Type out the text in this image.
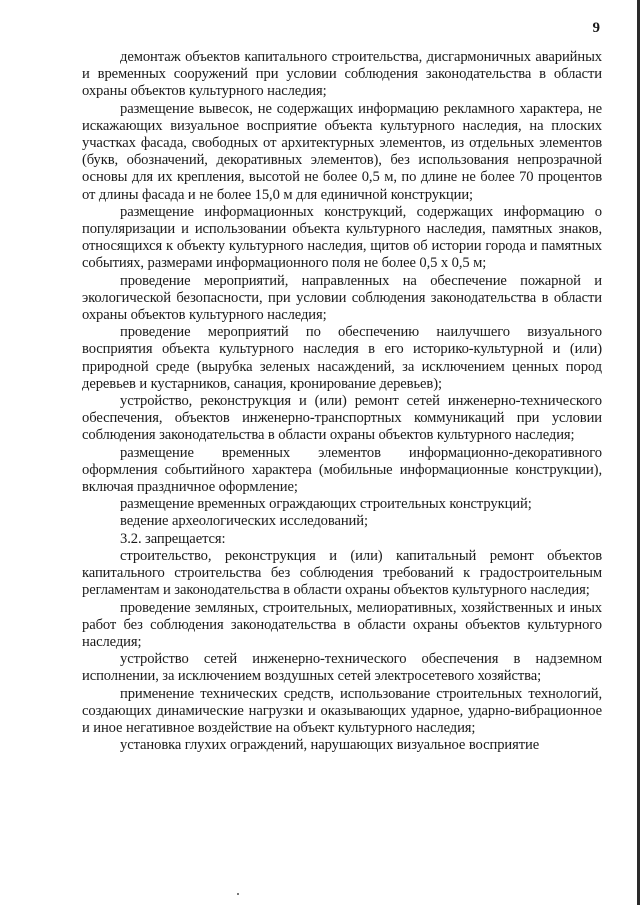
9

демонтаж объектов капитального строительства, дисгармоничных аварийных и временных сооружений при условии соблюдения законодательства в области охраны объектов культурного наследия;

размещение вывесок, не содержащих информацию рекламного характера, не искажающих визуальное восприятие объекта культурного наследия, на плоских участках фасада, свободных от архитектурных элементов, из отдельных элементов (букв, обозначений, декоративных элементов), без использования непрозрачной основы для их крепления, высотой не более 0,5 м, по длине не более 70 процентов от длины фасада и не более 15,0 м для единичной конструкции;

размещение информационных конструкций, содержащих информацию о популяризации и использовании объекта культурного наследия, памятных знаков, относящихся к объекту культурного наследия, щитов об истории города и памятных событиях, размерами информационного поля не более 0,5 х 0,5 м;

проведение мероприятий, направленных на обеспечение пожарной и экологической безопасности, при условии соблюдения законодательства в области охраны объектов культурного наследия;

проведение мероприятий по обеспечению наилучшего визуального восприятия объекта культурного наследия в его историко-культурной и (или) природной среде (вырубка зеленых насаждений, за исключением ценных пород деревьев и кустарников, санация, кронирование деревьев);

устройство, реконструкция и (или) ремонт сетей инженерно-технического обеспечения, объектов инженерно-транспортных коммуникаций при условии соблюдения законодательства в области охраны объектов культурного наследия;

размещение временных элементов информационно-декоративного оформления событийного характера (мобильные информационные конструкции), включая праздничное оформление;

размещение временных ограждающих строительных конструкций;

ведение археологических исследований;

3.2. запрещается:

строительство, реконструкция и (или) капитальный ремонт объектов капитального строительства без соблюдения требований к градостроительным регламентам и законодательства в области охраны объектов культурного наследия;

проведение земляных, строительных, мелиоративных, хозяйственных и иных работ без соблюдения законодательства в области охраны объектов культурного наследия;

устройство сетей инженерно-технического обеспечения в надземном исполнении, за исключением воздушных сетей электросетевого хозяйства;

применение технических средств, использование строительных технологий, создающих динамические нагрузки и оказывающих ударное, ударно-вибрационное и иное негативное воздействие на объект культурного наследия;

установка глухих ограждений, нарушающих визуальное восприятие
